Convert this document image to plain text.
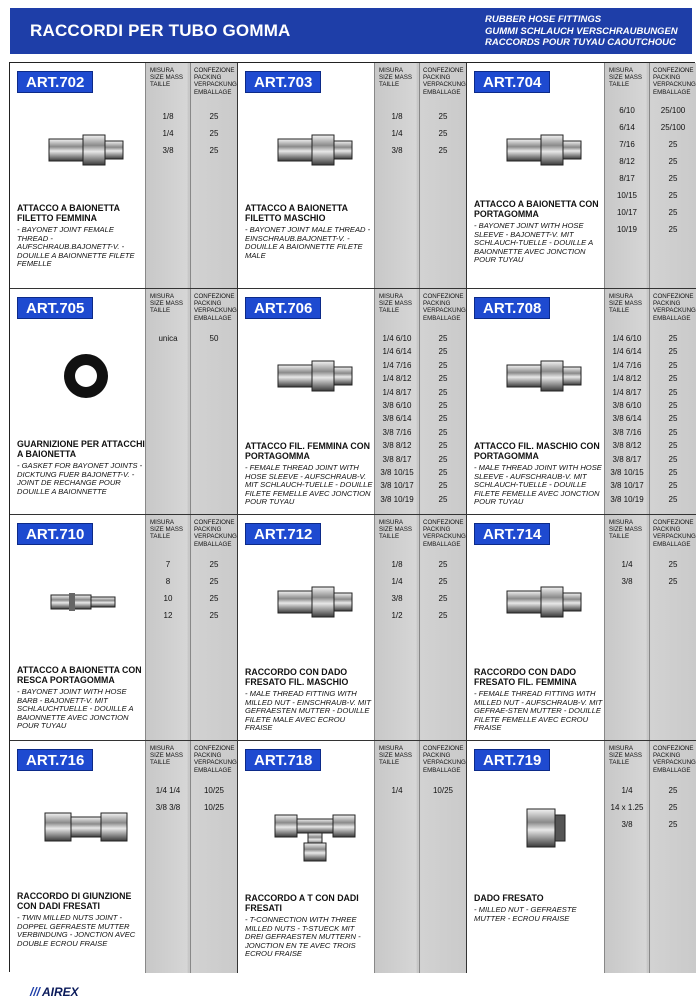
RACCORDI PER TUBO GOMMA
RUBBER HOSE FITTINGS
GUMMI SCHLAUCH VERSCHRAUBUNGEN
RACCORDS POUR TUYAU CAOUTCHOUC
ART.702
ATTACCO A BAIONETTA FILETTO FEMMINA
- BAYONET JOINT FEMALE THREAD - AUFSCHRAUB.BAJONETT-V. - DOUILLE A BAIONNETTE FILETE FEMELLE
MISURA SIZE MASS TAILLE
CONFEZIONE PACKING VERPACKUNG EMBALLAGE
1/8	25
1/4	25
3/8	25
ART.703
ATTACCO A BAIONETTA FILETTO MASCHIO
- BAYONET JOINT MALE THREAD - EINSCHRAUB.BAJONETT-V. - DOUILLE A BAIONNETTE FILETE MALE
MISURA SIZE MASS TAILLE
CONFEZIONE PACKING VERPACKUNG EMBALLAGE
1/8	25
1/4	25
3/8	25
ART.704
ATTACCO A BAIONETTA CON PORTAGOMMA
- BAYONET JOINT WITH HOSE SLEEVE - BAJONETT-V. MIT SCHLAUCH-TUELLE - DOUILLE A BAIONNETTE AVEC JONCTION POUR TUYAU
MISURA SIZE MASS TAILLE
CONFEZIONE PACKING VERPACKUNG EMBALLAGE
6/10	25/100
6/14	25/100
7/16	25
8/12	25
8/17	25
10/15	25
10/17	25
10/19	25
ART.705
GUARNIZIONE PER ATTACCHI A BAIONETTA
- GASKET FOR BAYONET JOINTS - DICKTUNG FUER BAJONETT-V. - JOINT DE RECHANGE POUR DOUILLE A BAIONNETTE
MISURA SIZE MASS TAILLE
CONFEZIONE PACKING VERPACKUNG EMBALLAGE
unica	50
ART.706
ATTACCO FIL. FEMMINA CON PORTAGOMMA
- FEMALE THREAD JOINT WITH HOSE SLEEVE - AUFSCHRAUB-V. MIT SCHLAUCH-TUELLE - DOUILLE FILETE FEMELLE AVEC JONCTION POUR TUYAU
MISURA SIZE MASS TAILLE
CONFEZIONE PACKING VERPACKUNG EMBALLAGE
1/4 6/10	25
1/4 6/14	25
1/4 7/16	25
1/4 8/12	25
1/4 8/17	25
3/8 6/10	25
3/8 6/14	25
3/8 7/16	25
3/8 8/12	25
3/8 8/17	25
3/8 10/15	25
3/8 10/17	25
3/8 10/19	25
ART.708
ATTACCO FIL. MASCHIO CON PORTAGOMMA
- MALE THREAD JOINT WITH HOSE SLEEVE - AUFSCHRAUB-V. MIT SCHLAUCH-TUELLE - DOUILLE FILETE FEMELLE AVEC JONCTION POUR TUYAU
MISURA SIZE MASS TAILLE
CONFEZIONE PACKING VERPACKUNG EMBALLAGE
1/4 6/10	25
1/4 6/14	25
1/4 7/16	25
1/4 8/12	25
1/4 8/17	25
3/8 6/10	25
3/8 6/14	25
3/8 7/16	25
3/8 8/12	25
3/8 8/17	25
3/8 10/15	25
3/8 10/17	25
3/8 10/19	25
ART.710
ATTACCO A BAIONETTA CON RESCA PORTAGOMMA
- BAYONET JOINT WITH HOSE BARB - BAJONETT-V. MIT SCHLAUCHTUELLE - DOUILLE A BAIONNETTE AVEC JONCTION POUR TUYAU
MISURA SIZE MASS TAILLE
CONFEZIONE PACKING VERPACKUNG EMBALLAGE
7	25
8	25
10	25
12	25
ART.712
RACCORDO CON DADO FRESATO FIL. MASCHIO
- MALE THREAD FITTING WITH MILLED NUT - EINSCHRAUB-V. MIT GEFRAESTEN MUTTER - DOUILLE FILETE MALE AVEC ECROU FRAISE
MISURA SIZE MASS TAILLE
CONFEZIONE PACKING VERPACKUNG EMBALLAGE
1/8	25
1/4	25
3/8	25
1/2	25
ART.714
RACCORDO CON DADO FRESATO FIL. FEMMINA
- FEMALE THREAD FITTING WITH MILLED NUT - AUFSCHRAUB-V. MIT GEFRAE-STEN MUTTER - DOUILLE FILETE FEMELLE AVEC ECROU FRAISE
MISURA SIZE MASS TAILLE
CONFEZIONE PACKING VERPACKUNG EMBALLAGE
1/4	25
3/8	25
ART.716
RACCORDO DI GIUNZIONE CON DADI FRESATI
- TWIN MILLED NUTS JOINT - DOPPEL GEFRAESTE MUTTER VERBINDUNG - JONCTION AVEC DOUBLE ECROU FRAISE
MISURA SIZE MASS TAILLE
CONFEZIONE PACKING VERPACKUNG EMBALLAGE
1/4 1/4	10/25
3/8 3/8	10/25
ART.718
RACCORDO A T CON DADI FRESATI
- T-CONNECTION WITH THREE MILLED NUTS - T-STUECK MIT DREI GEFRAESTEN MUTTERN - JONCTION EN TE AVEC TROIS ECROU FRAISE
MISURA SIZE MASS TAILLE
CONFEZIONE PACKING VERPACKUNG EMBALLAGE
1/4	10/25
ART.719
DADO FRESATO
- MILLED NUT - GEFRAESTE MUTTER - ECROU FRAISE
MISURA SIZE MASS TAILLE
CONFEZIONE PACKING VERPACKUNG EMBALLAGE
1/4	25
14 x 1.25	25
3/8	25
/// AIREX
